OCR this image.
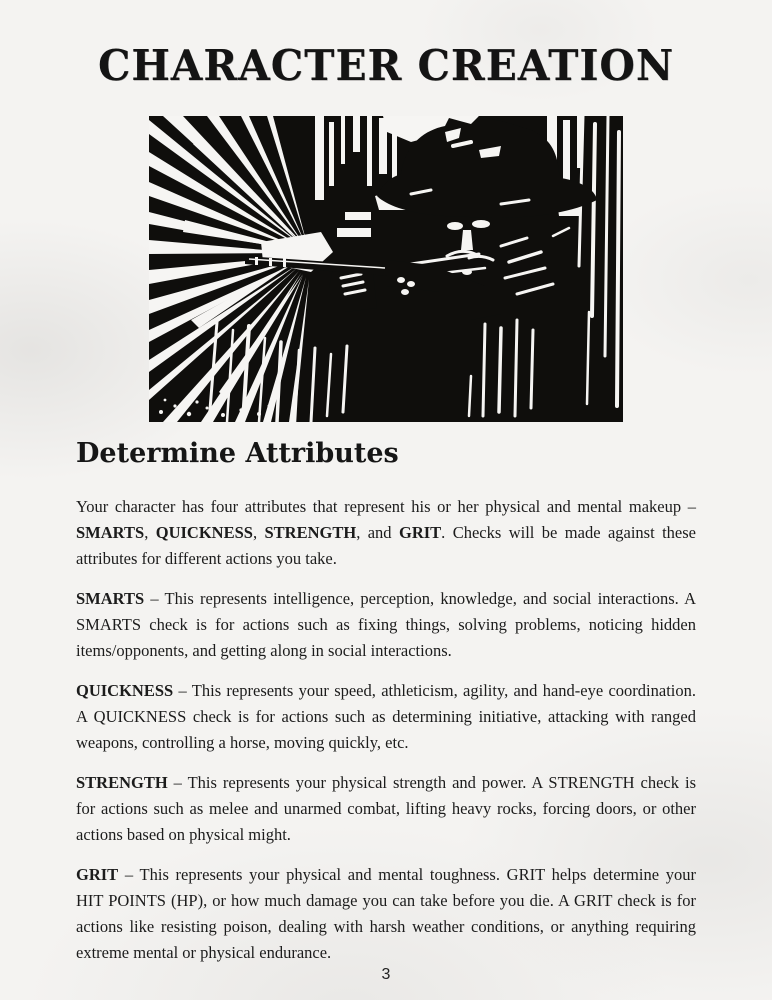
CHARACTER CREATION
Determine Attributes

Your character has four attributes that represent his or her physical and mental makeup – SMARTS, QUICKNESS, STRENGTH, and GRIT. Checks will be made against these attributes for different actions you take.

SMARTS – This represents intelligence, perception, knowledge, and social interactions. A SMARTS check is for actions such as fixing things, solving problems, noticing hidden items/opponents, and getting along in social interactions.

QUICKNESS – This represents your speed, athleticism, agility, and hand-eye coordination. A QUICKNESS check is for actions such as determining initiative, attacking with ranged weapons, controlling a horse, moving quickly, etc.

STRENGTH – This represents your physical strength and power. A STRENGTH check is for actions such as melee and unarmed combat, lifting heavy rocks, forcing doors, or other actions based on physical might.

GRIT – This represents your physical and mental toughness. GRIT helps determine your HIT POINTS (HP), or how much damage you can take before you die. A GRIT check is for actions like resisting poison, dealing with harsh weather conditions, or anything requiring extreme mental or physical endurance.

3
